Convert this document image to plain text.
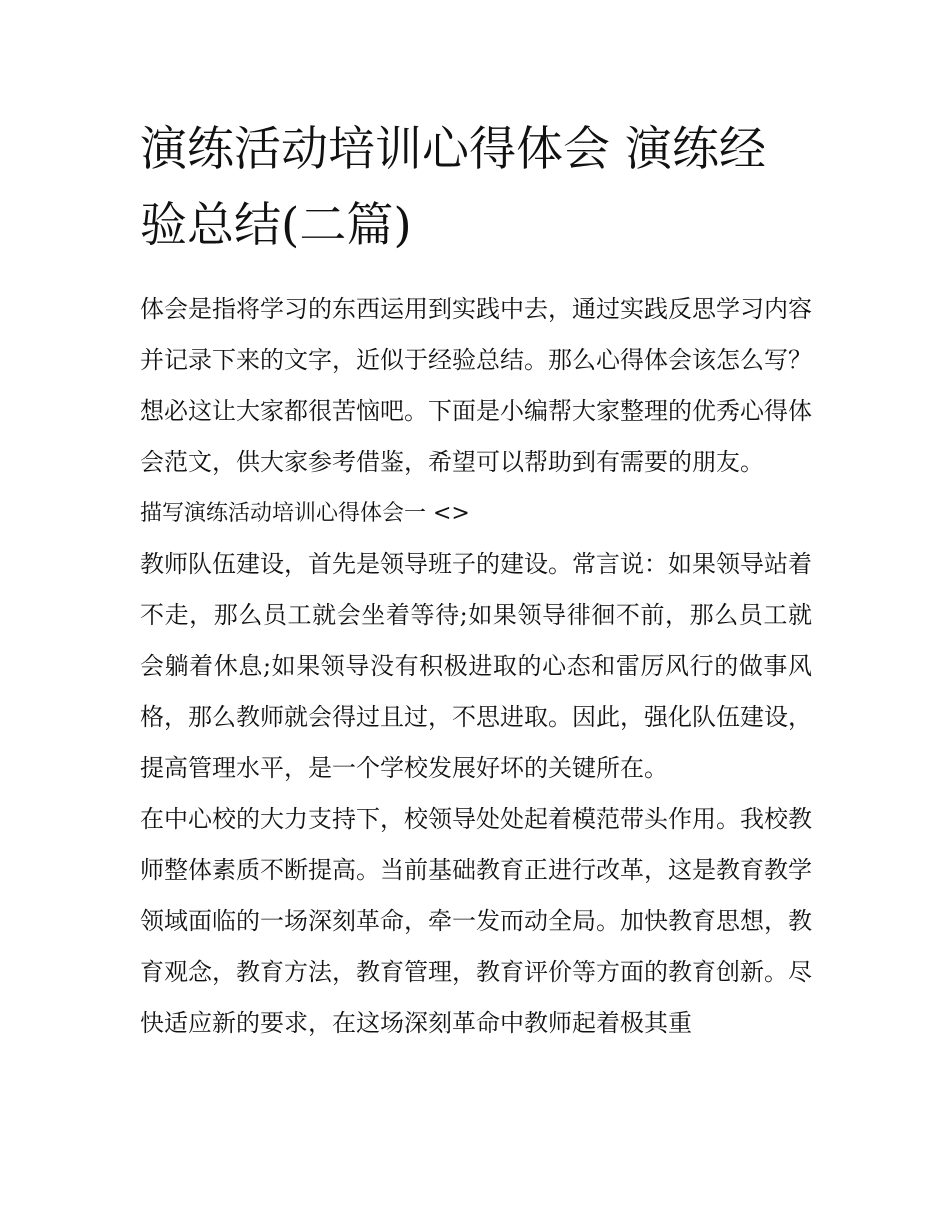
演练活动培训心得体会 演练经验总结(二篇)

体会是指将学习的东西运用到实践中去，通过实践反思学习内容并记录下来的文字，近似于经验总结。那么心得体会该怎么写？想必这让大家都很苦恼吧。下面是小编帮大家整理的优秀心得体会范文，供大家参考借鉴，希望可以帮助到有需要的朋友。

描写演练活动培训心得体会一 <>

教师队伍建设，首先是领导班子的建设。常言说：如果领导站着不走，那么员工就会坐着等待;如果领导徘徊不前，那么员工就会躺着休息;如果领导没有积极进取的心态和雷厉风行的做事风格，那么教师就会得过且过，不思进取。因此，强化队伍建设，提高管理水平，是一个学校发展好坏的关键所在。

在中心校的大力支持下，校领导处处起着模范带头作用。我校教师整体素质不断提高。当前基础教育正进行改革，这是教育教学领域面临的一场深刻革命，牵一发而动全局。加快教育思想，教育观念，教育方法，教育管理，教育评价等方面的教育创新。尽快适应新的要求，在这场深刻革命中教师起着极其重
